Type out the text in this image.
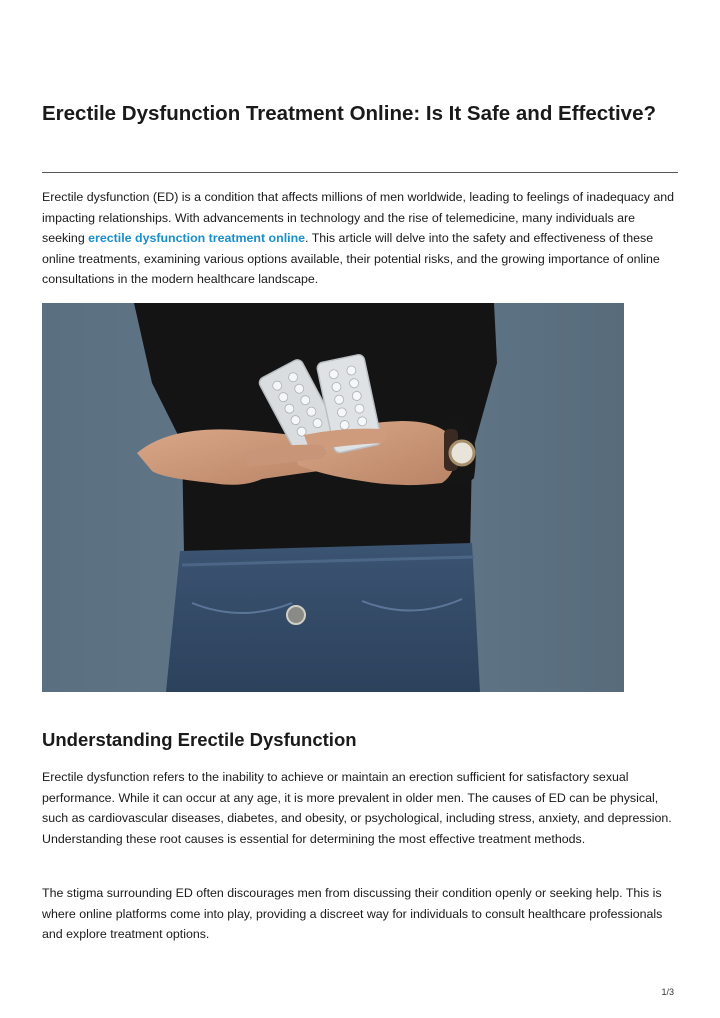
Erectile Dysfunction Treatment Online: Is It Safe and Effective?

Erectile dysfunction (ED) is a condition that affects millions of men worldwide, leading to feelings of inadequacy and impacting relationships. With advancements in technology and the rise of telemedicine, many individuals are seeking erectile dysfunction treatment online. This article will delve into the safety and effectiveness of these online treatments, examining various options available, their potential risks, and the growing importance of online consultations in the modern healthcare landscape.

Understanding Erectile Dysfunction

Erectile dysfunction refers to the inability to achieve or maintain an erection sufficient for satisfactory sexual performance. While it can occur at any age, it is more prevalent in older men. The causes of ED can be physical, such as cardiovascular diseases, diabetes, and obesity, or psychological, including stress, anxiety, and depression. Understanding these root causes is essential for determining the most effective treatment methods.

The stigma surrounding ED often discourages men from discussing their condition openly or seeking help. This is where online platforms come into play, providing a discreet way for individuals to consult healthcare professionals and explore treatment options.

1/3
